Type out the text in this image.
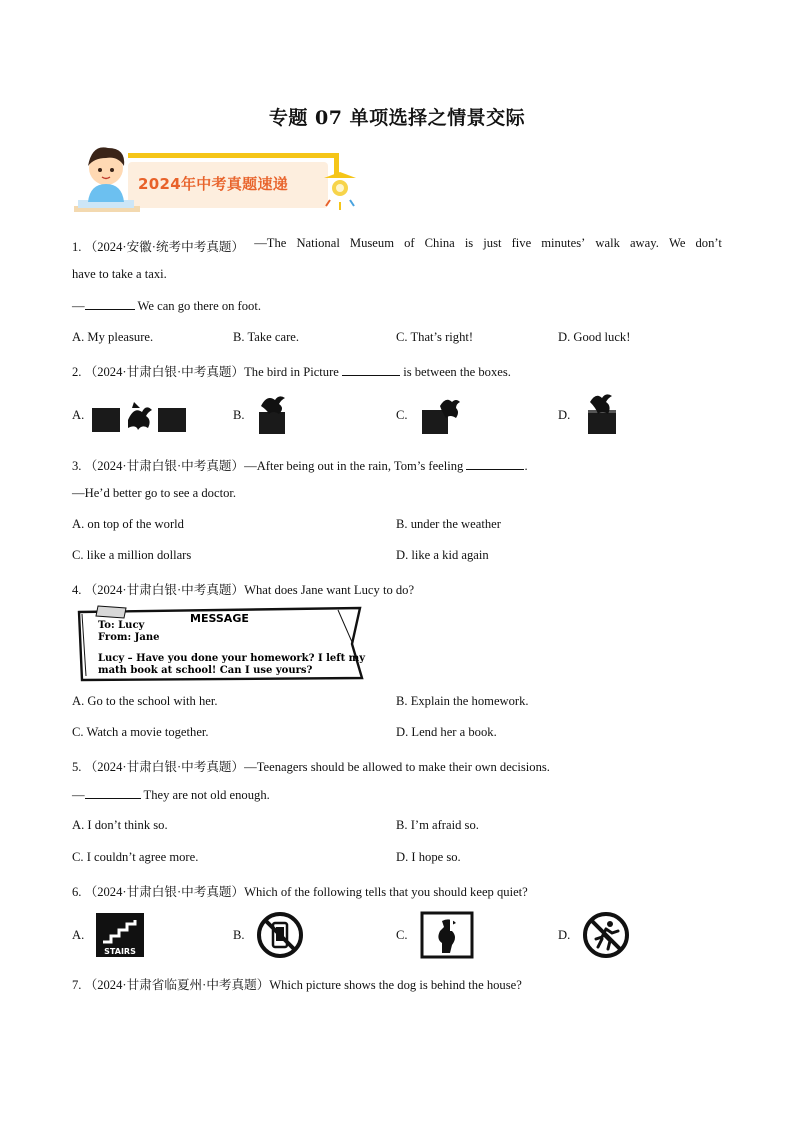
专题 07 单项选择之情景交际
2024年中考真题速递
1. （2024·安徽·统考中考真题） —The National Museum of China is just five minutes’ walk away. We don’t
have to take a taxi.
—	We can go there on foot.
A. My pleasure.	B. Take care.	C. That’s right!	D. Good luck!
2. （2024·甘肃白银·中考真题）The bird in Picture	is between the boxes.
A.	B.	C.	D.
3. （2024·甘肃白银·中考真题）—After being out in the rain, Tom’s feeling	.
—He’d better go to see a doctor.
A. on top of the world	B. under the weather
C. like a million dollars	D. like a kid again
4. （2024·甘肃白银·中考真题）What does Jane want Lucy to do?
MESSAGE
To: Lucy
From: Jane
Lucy – Have you done your homework? I left my
math book at school! Can I use yours?
A. Go to the school with her.	B. Explain the homework.
C. Watch a movie together.	D. Lend her a book.
5. （2024·甘肃白银·中考真题）—Teenagers should be allowed to make their own decisions.
—	They are not old enough.
A. I don’t think so.	B. I’m afraid so.
C. I couldn’t agree more.	D. I hope so.
6. （2024·甘肃白银·中考真题）Which of the following tells that you should keep quiet?
A.	B.	C.	D.
STAIRS
7. （2024·甘肃省临夏州·中考真题）Which picture shows the dog is behind the house?
